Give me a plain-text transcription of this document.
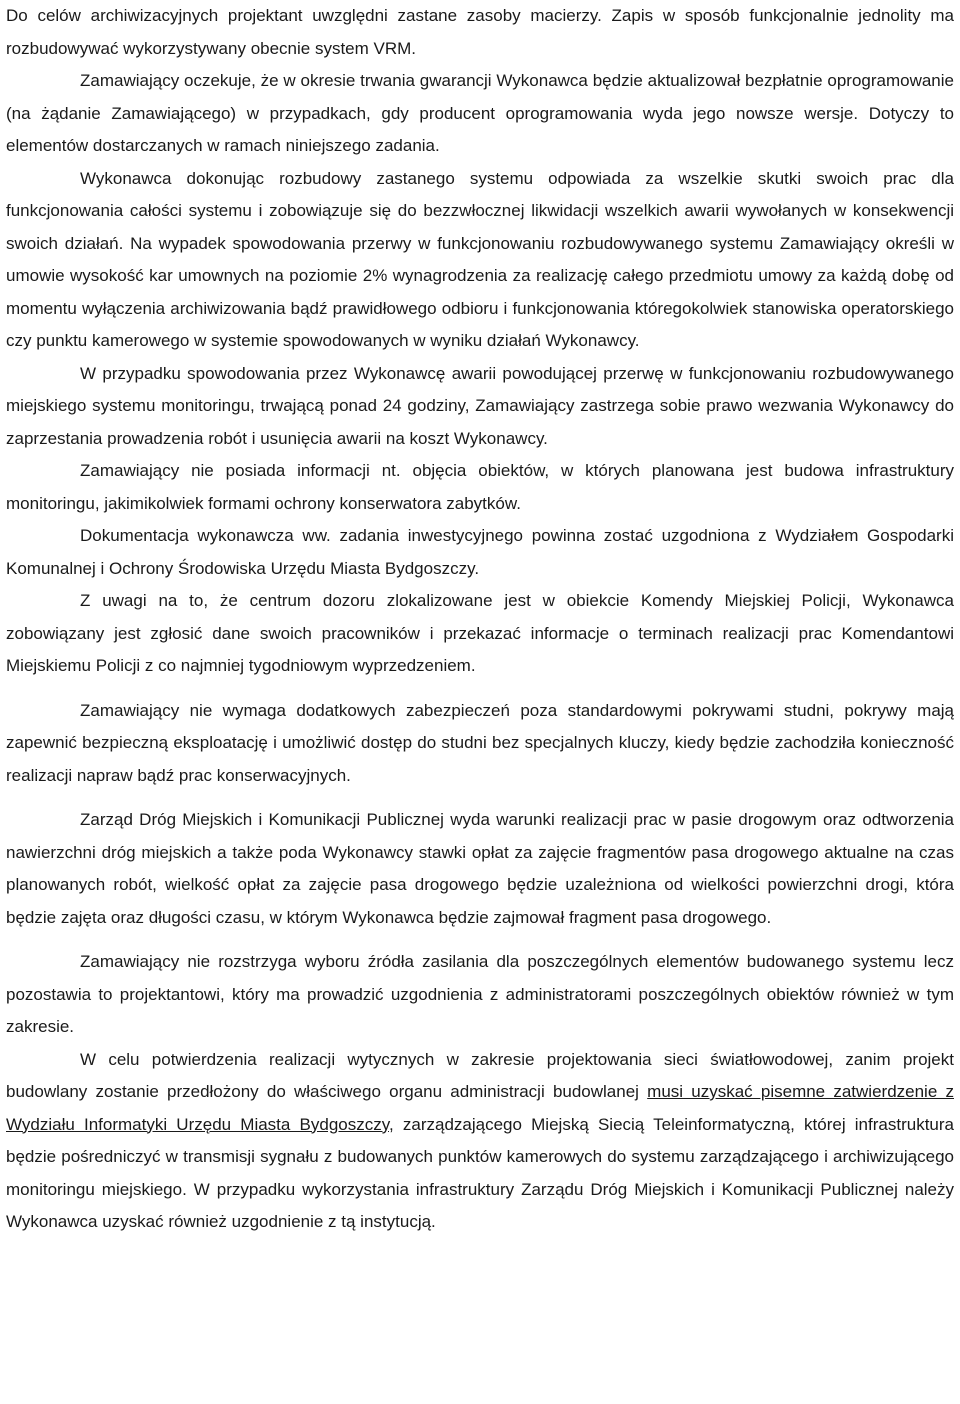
Do celów archiwizacyjnych projektant uwzględni zastane zasoby macierzy. Zapis w sposób funkcjonalnie jednolity ma rozbudowywać wykorzystywany obecnie system VRM.

Zamawiający oczekuje, że w okresie trwania gwarancji Wykonawca będzie aktualizował bezpłatnie oprogramowanie (na żądanie Zamawiającego) w przypadkach, gdy producent oprogramowania wyda jego nowsze wersje. Dotyczy to elementów dostarczanych w ramach niniejszego zadania.

Wykonawca dokonując rozbudowy zastanego systemu odpowiada za wszelkie skutki swoich prac dla funkcjonowania całości systemu i zobowiązuje się do bezzwłocznej likwidacji wszelkich awarii wywołanych w konsekwencji swoich działań. Na wypadek spowodowania przerwy w funkcjonowaniu rozbudowywanego systemu Zamawiający określi w umowie wysokość kar umownych na poziomie 2% wynagrodzenia za realizację całego przedmiotu umowy za każdą dobę od momentu wyłączenia archiwizowania bądź prawidłowego odbioru i funkcjonowania któregokolwiek stanowiska operatorskiego czy punktu kamerowego w systemie spowodowanych w wyniku działań Wykonawcy.

W przypadku spowodowania przez Wykonawcę awarii powodującej przerwę w funkcjonowaniu rozbudowywanego miejskiego systemu monitoringu, trwającą ponad 24 godziny, Zamawiający zastrzega sobie prawo wezwania Wykonawcy do zaprzestania prowadzenia robót i usunięcia awarii na koszt Wykonawcy.

Zamawiający nie posiada informacji nt. objęcia obiektów, w których planowana jest budowa infrastruktury monitoringu, jakimikolwiek formami ochrony konserwatora zabytków.

Dokumentacja wykonawcza ww. zadania inwestycyjnego powinna zostać uzgodniona z Wydziałem Gospodarki Komunalnej i Ochrony Środowiska Urzędu Miasta Bydgoszczy.

Z uwagi na to, że centrum dozoru zlokalizowane jest w obiekcie Komendy Miejskiej Policji, Wykonawca zobowiązany jest zgłosić dane swoich pracowników i przekazać informacje o terminach realizacji prac Komendantowi Miejskiemu Policji z co najmniej tygodniowym wyprzedzeniem.

Zamawiający nie wymaga dodatkowych zabezpieczeń poza standardowymi pokrywami studni, pokrywy mają zapewnić bezpieczną eksploatację i umożliwić dostęp do studni bez specjalnych kluczy, kiedy będzie zachodziła konieczność realizacji napraw bądź prac konserwacyjnych.

Zarząd Dróg Miejskich i Komunikacji Publicznej wyda warunki realizacji prac w pasie drogowym oraz odtworzenia nawierzchni dróg miejskich a także poda Wykonawcy stawki opłat za zajęcie fragmentów pasa drogowego aktualne na czas planowanych robót, wielkość opłat za zajęcie pasa drogowego będzie uzależniona od wielkości powierzchni drogi, która będzie zajęta oraz długości czasu, w którym Wykonawca będzie zajmował fragment pasa drogowego.

Zamawiający nie rozstrzyga wyboru źródła zasilania dla poszczególnych elementów budowanego systemu lecz pozostawia to projektantowi, który ma prowadzić uzgodnienia z administratorami poszczególnych obiektów również w tym zakresie.

W celu potwierdzenia realizacji wytycznych w zakresie projektowania sieci światłowodowej, zanim projekt budowlany zostanie przedłożony do właściwego organu administracji budowlanej musi uzyskać pisemne zatwierdzenie z Wydziału Informatyki Urzędu Miasta Bydgoszczy, zarządzającego Miejską Siecią Teleinformatyczną, której infrastruktura będzie pośredniczyć w transmisji sygnału z budowanych punktów kamerowych do systemu zarządzającego i archiwizującego monitoringu miejskiego. W przypadku wykorzystania infrastruktury Zarządu Dróg Miejskich i Komunikacji Publicznej należy Wykonawca uzyskać również uzgodnienie z tą instytucją.
